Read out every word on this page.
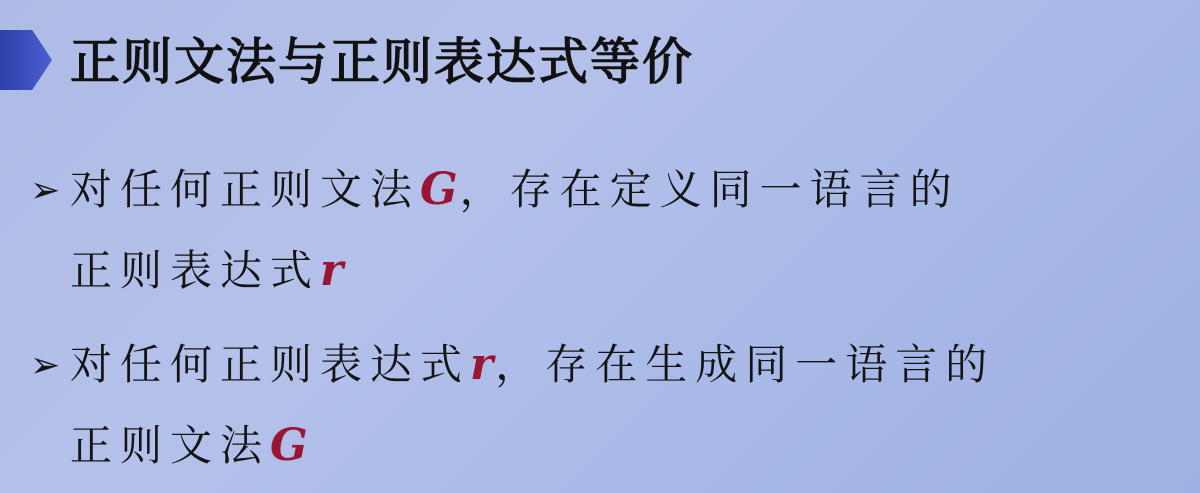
正则文法与正则表达式等价
➢ 对任何正则文法G，存在定义同一语言的
正则表达式r
➢ 对任何正则表达式r，存在生成同一语言的
正则文法G
